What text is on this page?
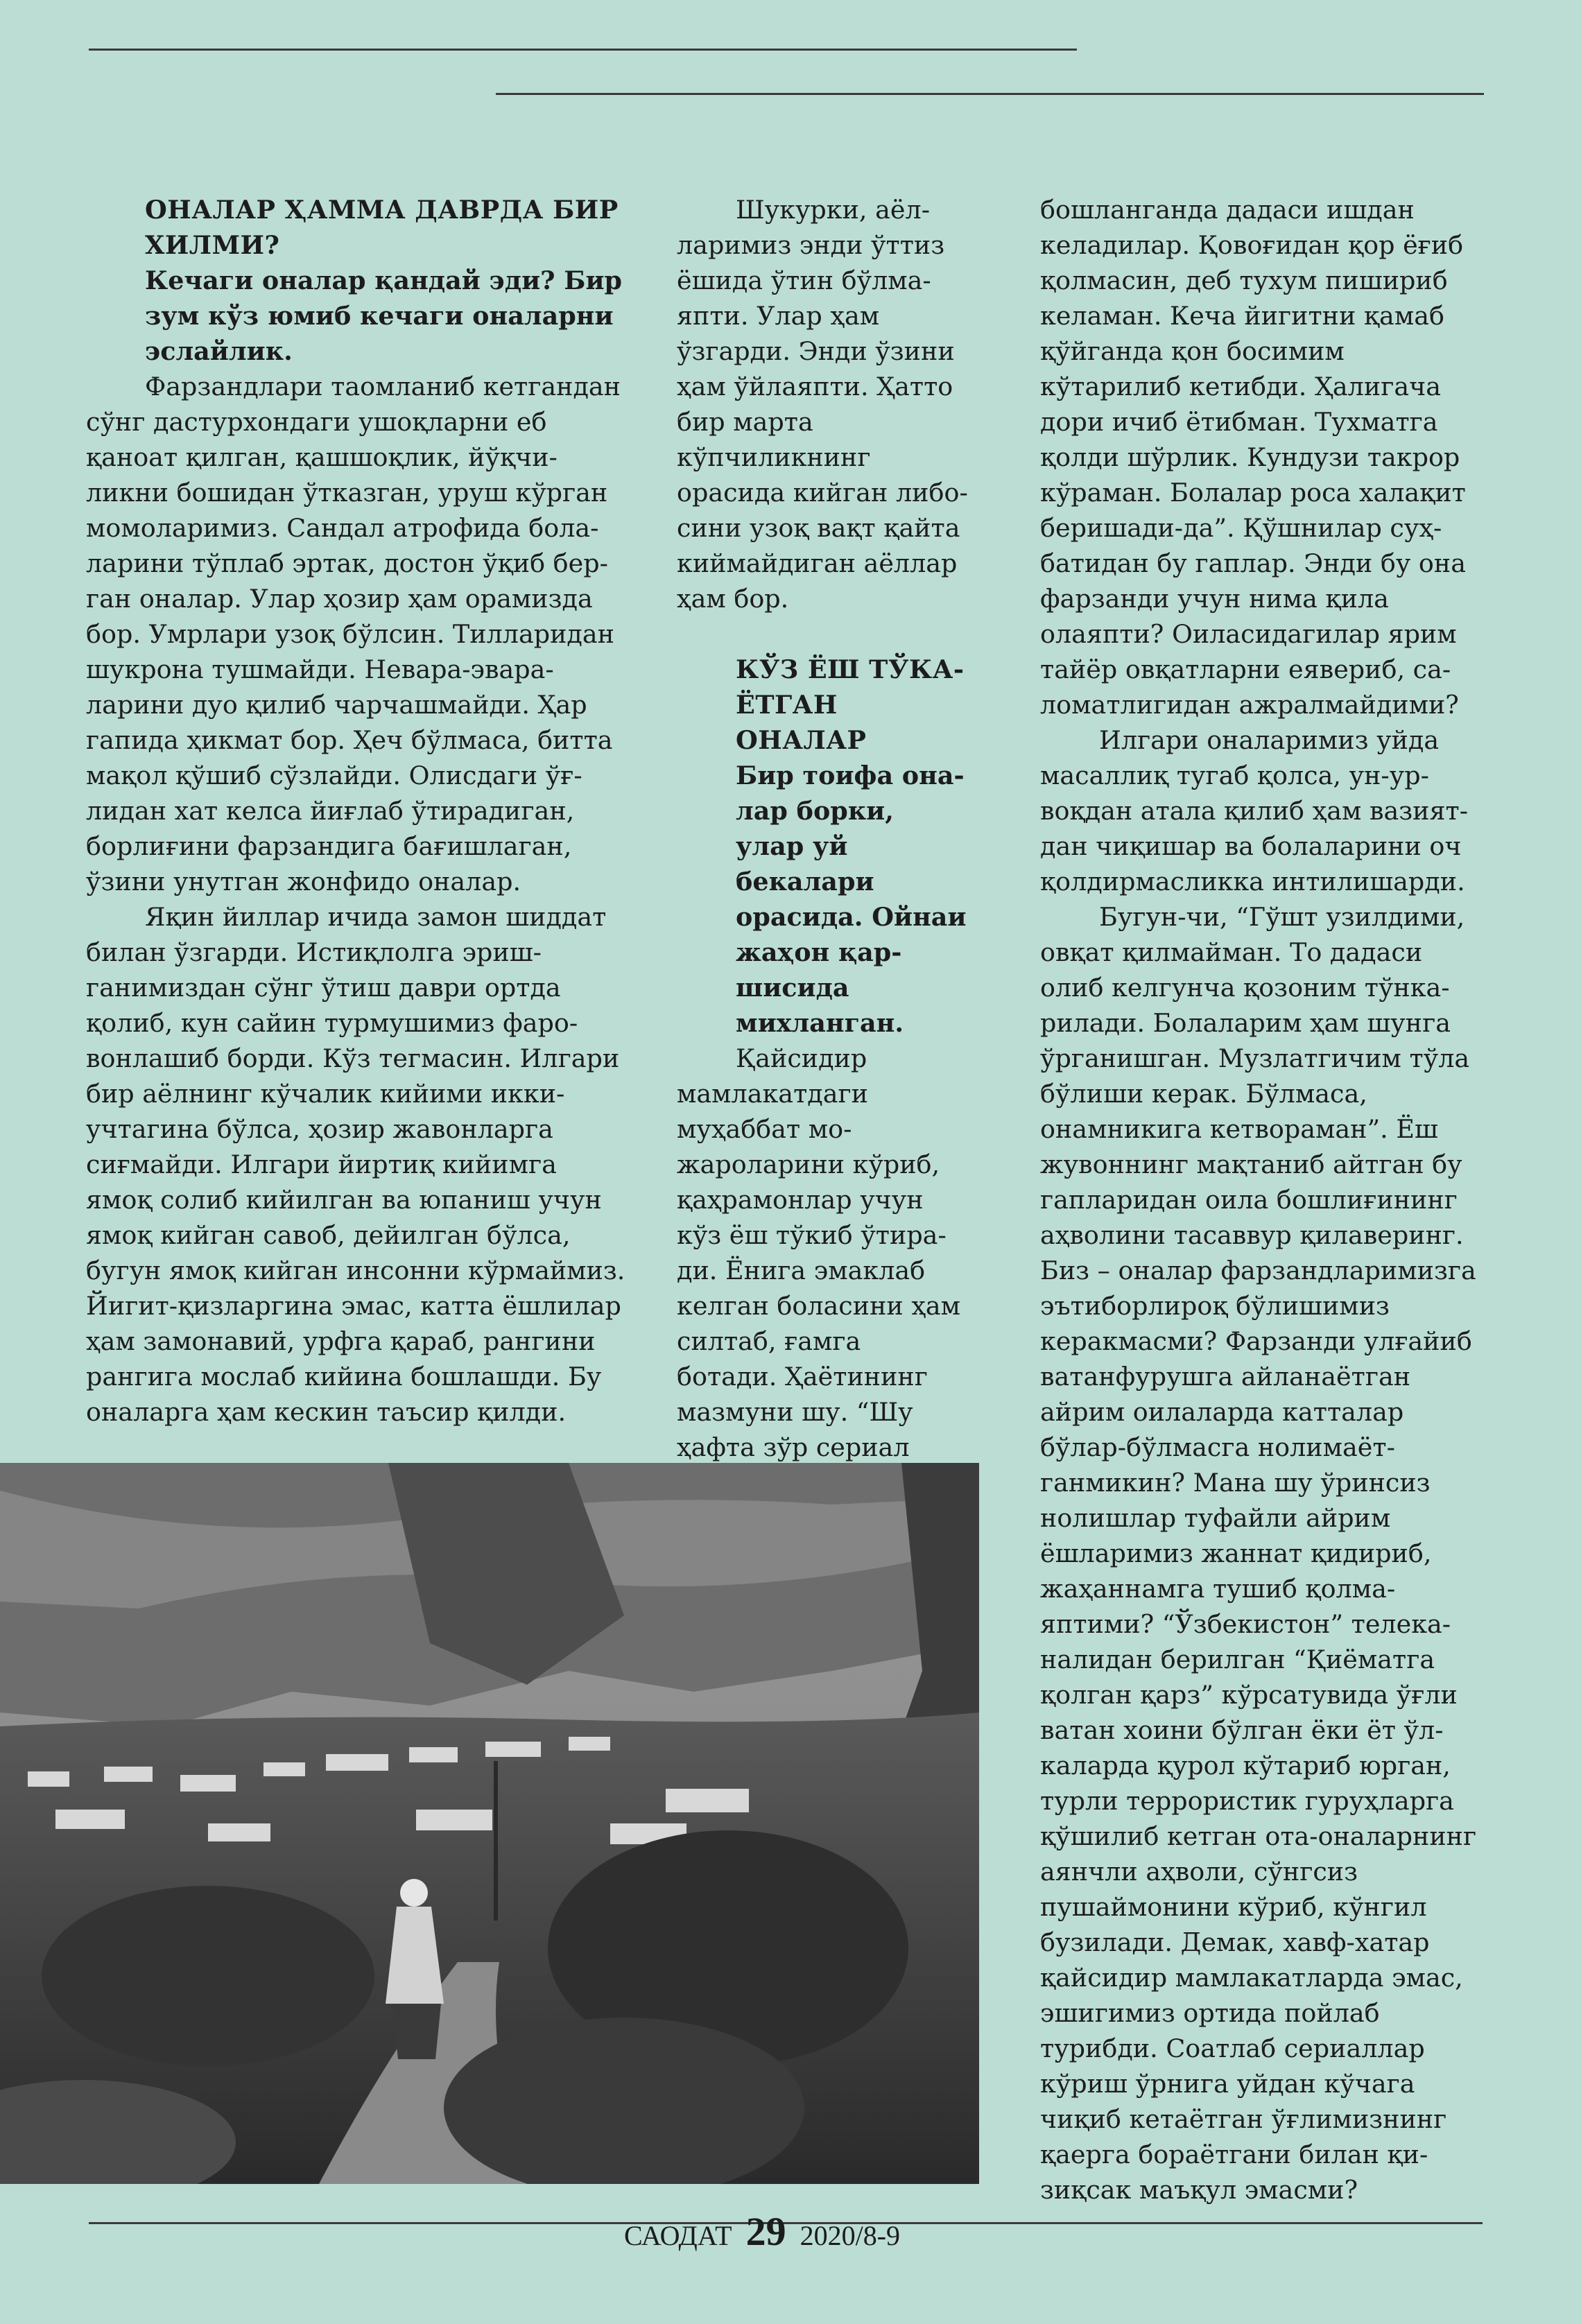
ОНАЛАР ҲАММА ДАВРДА БИР ХИЛМИ?

Кечаги оналар қандай эди? Бир зум кўз юмиб кечаги оналарни эслайлик.

Фарзандлари таомланиб кетгандан сўнг дастурхондаги ушоқларни еб қаноат қилган, қашшоқлик, йўқчиликни бошидан ўтказган, уруш кўрган момоларимиз. Сандал атрофида болаларини тўплаб эртак, достон ўқиб берган оналар. Улар ҳозир ҳам орамизда бор. Умрлари узоқ бўлсин. Тилларидан шукрона тушмайди. Невара-эвараларини дуо қилиб чарчашмайди. Ҳар гапида ҳикмат бор. Ҳеч бўлмаса, битта мақол қўшиб сўзлайди. Олисдаги ўғлидан хат келса йиғлаб ўтирадиган, борлиғини фарзандига бағишлаган, ўзини унутган жонфидо оналар.

Яқин йиллар ичида замон шиддат билан ўзгарди. Истиқлолга эришганимиздан сўнг ўтиш даври ортда қолиб, кун сайин турмушимиз фаровонлашиб борди. Кўз тегмасин. Илгари бир аёлнинг кўчалик кийими икки-учтагина бўлса, ҳозир жавонларга сиғмайди. Илгари йиртиқ кийимга ямоқ солиб кийилган ва юпаниш учун ямоқ кийган савоб, дейилган бўлса, бугун ямоқ кийган инсонни кўрмаймиз. Йигит-қизларгина эмас, катта ёшлилар ҳам замонавий, урфга қараб, рангини рангига мослаб кийина бошлашди. Бу оналарга ҳам кескин таъсир қилди.

Шукурки, аёлларимиз энди ўттиз ёшида ўтин бўлмаяпти. Улар ҳам ўзгарди. Энди ўзини ҳам ўйлаяпти. Ҳатто бир марта кўпчиликнинг орасида кийган либосини узоқ вақт қайта киймайдиган аёллар ҳам бор.

КЎЗ ЁШ ТЎКАЁТГАН ОНАЛАР

Бир тоифа оналар борки, улар уй бекалари орасида. Ойнаи жаҳон қаршисида михланган.

Қайсидир мамлакатдаги муҳаббат можароларини кўриб, қаҳрамонлар учун кўз ёш тўкиб ўтиради. Ёнига эмаклаб келган боласини ҳам силтаб, ғамга ботади. Ҳаётининг мазмуни шу. “Шу ҳафта зўр сериал

бошланганда дадаси ишдан келадилар. Қовоғидан қор ёғиб қолмасин, деб тухум пишириб келаман. Кеча йигитни қамаб қўйганда қон босимим кўтарилиб кетибди. Ҳалигача дори ичиб ётибман. Тухматга қолди шўрлик. Кундузи такрор кўраман. Болалар роса халақит беришади-да”. Қўшнилар суҳбатидан бу гаплар. Энди бу она фарзанди учун нима қила олаяпти? Оиласидагилар ярим тайёр овқатларни еявериб, саломатлигидан ажралмайдими?

Илгари оналаримиз уйда масаллиқ тугаб қолса, ун-урвоқдан атала қилиб ҳам вазиятдан чиқишар ва болаларини оч қолдирмасликка интилишарди.

Бугун-чи, “Гўшт узилдими, овқат қилмайман. То дадаси олиб келгунча қозоним тўнкарилади. Болаларим ҳам шунга ўрганишган. Музлатгичим тўла бўлиши керак. Бўлмаса, онамникига кетвораман”. Ёш жувоннинг мақтаниб айтган бу гапларидан оила бошлиғининг аҳволини тасаввур қилаверинг. Биз – оналар фарзандларимизга эътиборлироқ бўлишимиз керакмасми? Фарзанди улғайиб ватанфурушга айланаётган айрим оилаларда катталар бўлар-бўлмасга нолимаётганмикин? Мана шу ўринсиз нолишлар туфайли айрим ёшларимиз жаннат қидириб, жаҳаннамга тушиб қолмаяптими? “Ўзбекистон” телеканалидан берилган “Қиёматга қолган қарз” кўрсатувида ўғли ватан хоини бўлган ёки ёт ўлкаларда қурол кўтариб юрган, турли террористик гуруҳларга қўшилиб кетган ота-оналарнинг аянчли аҳволи, сўнгсиз пушаймонини кўриб, кўнгил бузилади. Демак, хавф-хатар қайсидир мамлакатларда эмас, эшигимиз ортида пойлаб турибди. Соатлаб сериаллар кўриш ўрнига уйдан кўчага чиқиб кетаётган ўғлимизнинг қаерга бораётгани билан қизиқсак маъқул эмасми?

САОДАТ 29 2020/8-9
